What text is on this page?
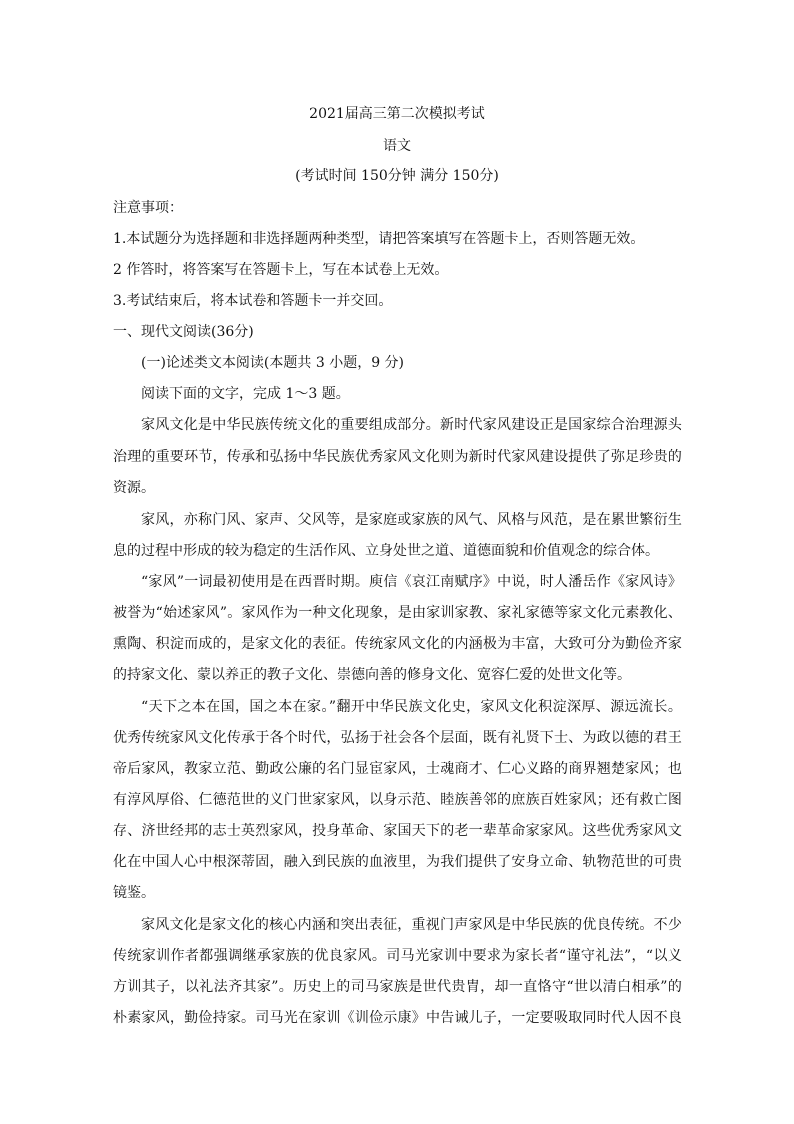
2021届高三第二次模拟考试
语文
(考试时间 150分钟 满分 150分)
注意事项：
1.本试题分为选择题和非选择题两种类型，请把答案填写在答题卡上，否则答题无效。
2 作答时，将答案写在答题卡上，写在本试卷上无效。
3.考试结束后，将本试卷和答题卡一并交回。
一、现代文阅读(36分)
(一)论述类文本阅读(本题共 3 小题，9 分)
阅读下面的文字，完成 1～3 题。
家风文化是中华民族传统文化的重要组成部分。新时代家风建设正是国家综合治理源头
治理的重要环节，传承和弘扬中华民族优秀家风文化则为新时代家风建设提供了弥足珍贵的
资源。
家风，亦称门风、家声、父风等，是家庭或家族的风气、风格与风范，是在累世繁衍生
息的过程中形成的较为稳定的生活作风、立身处世之道、道德面貌和价值观念的综合体。
“家风”一词最初使用是在西晋时期。庾信《哀江南赋序》中说，时人潘岳作《家风诗》
被誉为“始述家风”。家风作为一种文化现象，是由家训家教、家礼家德等家文化元素教化、
熏陶、积淀而成的，是家文化的表征。传统家风文化的内涵极为丰富，大致可分为勤俭齐家
的持家文化、蒙以养正的教子文化、崇德向善的修身文化、宽容仁爱的处世文化等。
“天下之本在国，国之本在家。”翻开中华民族文化史，家风文化积淀深厚、源远流长。
优秀传统家风文化传承于各个时代，弘扬于社会各个层面，既有礼贤下士、为政以德的君王
帝后家风，教家立范、勤政公廉的名门显宦家风，士魂商才、仁心义路的商界翘楚家风；也
有淳风厚俗、仁德范世的义门世家家风，以身示范、睦族善邻的庶族百姓家风；还有救亡图
存、济世经邦的志士英烈家风，投身革命、家国天下的老一辈革命家家风。这些优秀家风文
化在中国人心中根深蒂固，融入到民族的血液里，为我们提供了安身立命、轨物范世的可贵
镜鉴。
家风文化是家文化的核心内涵和突出表征，重视门声家风是中华民族的优良传统。不少
传统家训作者都强调继承家族的优良家风。司马光家训中要求为家长者“谨守礼法”，“以义
方训其子，以礼法齐其家”。历史上的司马家族是世代贵胄，却一直恪守“世以清白相承”的
朴素家风，勤俭持家。司马光在家训《训俭示康》中告诫儿子，一定要吸取同时代人因不良
